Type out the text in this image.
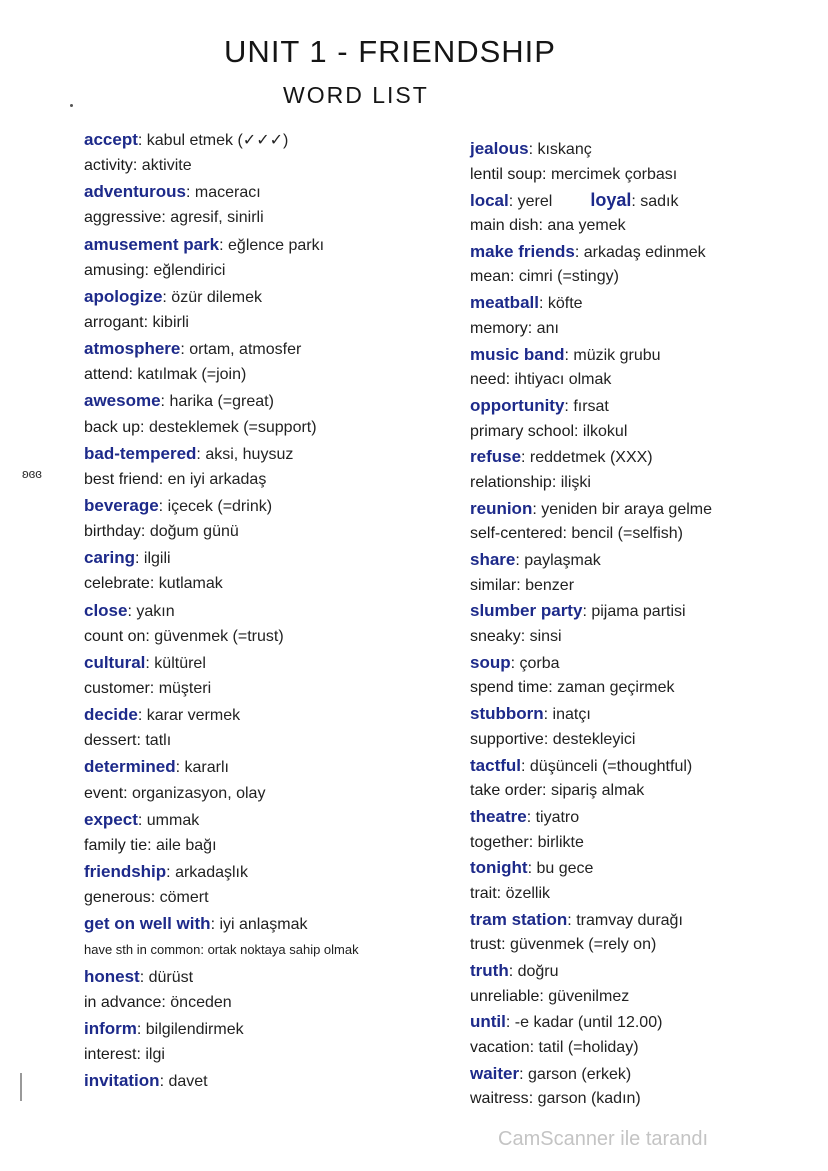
UNIT 1 - FRIENDSHIP
WORD LIST
ʚɞɞ
accept: kabul etmek (✓✓✓)
activity: aktivite
adventurous: maceracı
aggressive: agresif, sinirli
amusement park: eğlence parkı
amusing: eğlendirici
apologize: özür dilemek
arrogant: kibirli
atmosphere: ortam, atmosfer
attend: katılmak (=join)
awesome: harika (=great)
back up: desteklemek (=support)
bad-tempered: aksi, huysuz
best friend: en iyi arkadaş
beverage: içecek (=drink)
birthday: doğum günü
caring: ilgili
celebrate: kutlamak
close: yakın
count on: güvenmek (=trust)
cultural: kültürel
customer: müşteri
decide: karar vermek
dessert: tatlı
determined: kararlı
event: organizasyon, olay
expect: ummak
family tie: aile bağı
friendship: arkadaşlık
generous: cömert
get on well with: iyi anlaşmak
have sth in common: ortak noktaya sahip olmak
honest: dürüst
in advance: önceden
inform: bilgilendirmek
interest: ilgi
invitation: davet
jealous: kıskanç
lentil soup: mercimek çorbası
local: yerel loyal: sadık
main dish: ana yemek
make friends: arkadaş edinmek
mean: cimri (=stingy)
meatball: köfte
memory: anı
music band: müzik grubu
need: ihtiyacı olmak
opportunity: fırsat
primary school: ilkokul
refuse: reddetmek (XXX)
relationship: ilişki
reunion: yeniden bir araya gelme
self-centered: bencil (=selfish)
share: paylaşmak
similar: benzer
slumber party: pijama partisi
sneaky: sinsi
soup: çorba
spend time: zaman geçirmek
stubborn: inatçı
supportive: destekleyici
tactful: düşünceli (=thoughtful)
take order: sipariş almak
theatre: tiyatro
together: birlikte
tonight: bu gece
trait: özellik
tram station: tramvay durağı
trust: güvenmek (=rely on)
truth: doğru
unreliable: güvenilmez
until: -e kadar (until 12.00)
vacation: tatil (=holiday)
waiter: garson (erkek)
waitress: garson (kadın)
CamScanner ile tarandı
